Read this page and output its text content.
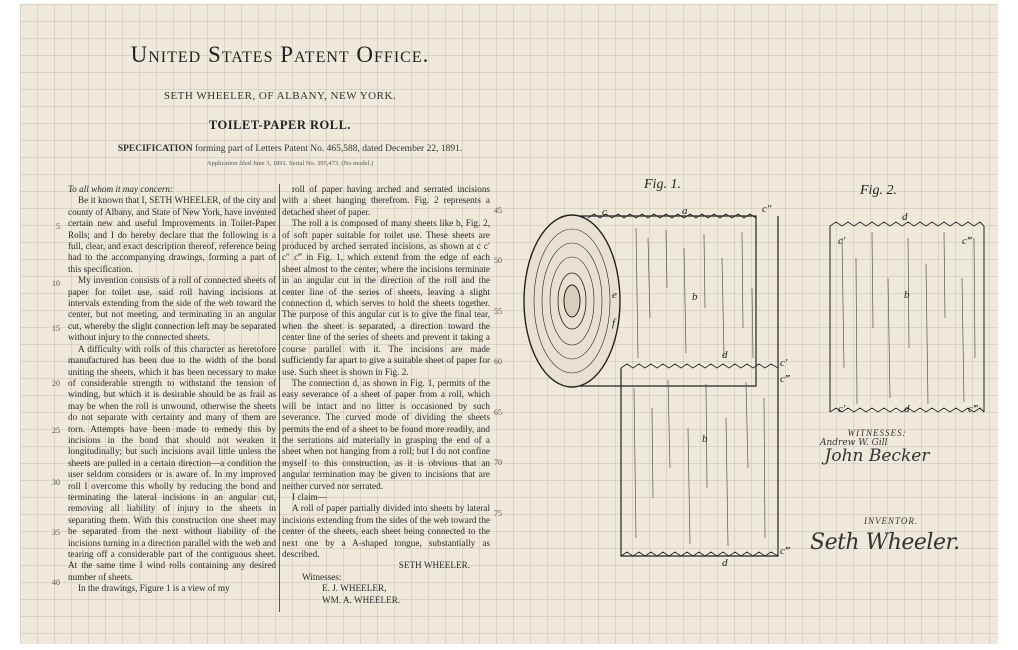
United States Patent Office.
SETH WHEELER, OF ALBANY, NEW YORK.
TOILET-PAPER ROLL.
SPECIFICATION forming part of Letters Patent No. 465,588, dated December 22, 1891.
Application filed June 3, 1891. Serial No. 395,473. (No model.)
5
10
15
20
25
30
35
40
45
50
55
60
65
70
75

To all whom it may concern:

Be it known that I, SETH WHEELER, of the city and county of Albany, and State of New York, have invented certain new and useful Improvements in Toilet-Paper Rolls; and I do hereby declare that the following is a full, clear, and exact description thereof, reference being had to the accompanying drawings, forming a part of this specification.

My invention consists of a roll of connected sheets of paper for toilet use, said roll having incisions at intervals extending from the side of the web toward the center, but not meeting, and terminating in an angular cut, whereby the slight connection left may be separated without injury to the connected sheets.

A difficulty with rolls of this character as heretofore manufactured has been due to the width of the bond uniting the sheets, which it has been necessary to make of considerable strength to withstand the tension of winding, but which it is desirable should be as frail as may be when the roll is unwound, otherwise the sheets do not separate with certainty and many of them are torn. Attempts have been made to remedy this by incisions in the bond that should not weaken it longitudinally; but such incisions avail little unless the sheets are pulled in a certain direction—a condition the user seldom considers or is aware of. In my improved roll I overcome this wholly by reducing the bond and terminating the lateral incisions in an angular cut, removing all liability of injury to the sheets in separating them. With this construction one sheet may be separated from the next without liability of the incisions turning in a direction parallel with the web and tearing off a considerable part of the contiguous sheet. At the same time I wind rolls containing any desired number of sheets.

In the drawings, Figure 1 is a view of my

roll of paper having arched and serrated incisions with a sheet hanging therefrom. Fig. 2 represents a detached sheet of paper.

The roll a is composed of many sheets like b, Fig. 2, of soft paper suitable for toilet use. These sheets are produced by arched serrated incisions, as shown at c c′ c″ c‴ in Fig. 1, which extend from the edge of each sheet almost to the center, where the incisions terminate in an angular cut in the direction of the roll and the center line of the series of sheets, leaving a slight connection d, which serves to hold the sheets together. The purpose of this angular cut is to give the final tear, when the sheet is separated, a direction toward the center line of the series of sheets and prevent it taking a course parallel with it. The incisions are made sufficiently far apart to give a suitable sheet of paper for use. Such sheet is shown in Fig. 2.

The connection d, as shown in Fig. 1, permits of the easy severance of a sheet of paper from a roll, which will be intact and no litter is occasioned by such severance. The curved mode of dividing the sheets permits the end of a sheet to be found more readily, and the serrations aid materially in grasping the end of a sheet when not hanging from a roll; but I do not confine myself to this construction, as it is obvious that an angular termination may be given to incisions that are neither curved nor serrated.

I claim—

A roll of paper partially divided into sheets by lateral incisions extending from the sides of the web toward the center of the sheets, each sheet being connected to the next one by a A-shaped tongue, substantially as described.

SETH WHEELER.

Witnesses:

E. J. WHEELER,

WM. A. WHEELER.

Fig. 1.	Fig. 2.
a
c	c″
b
e
f
d
c′
c‴
b
d
c‴
d
c′	c‴
b
c′	d	c‴
WITNESSES:
Andrew W. Gill
John Becker
INVENTOR.
Seth Wheeler.
